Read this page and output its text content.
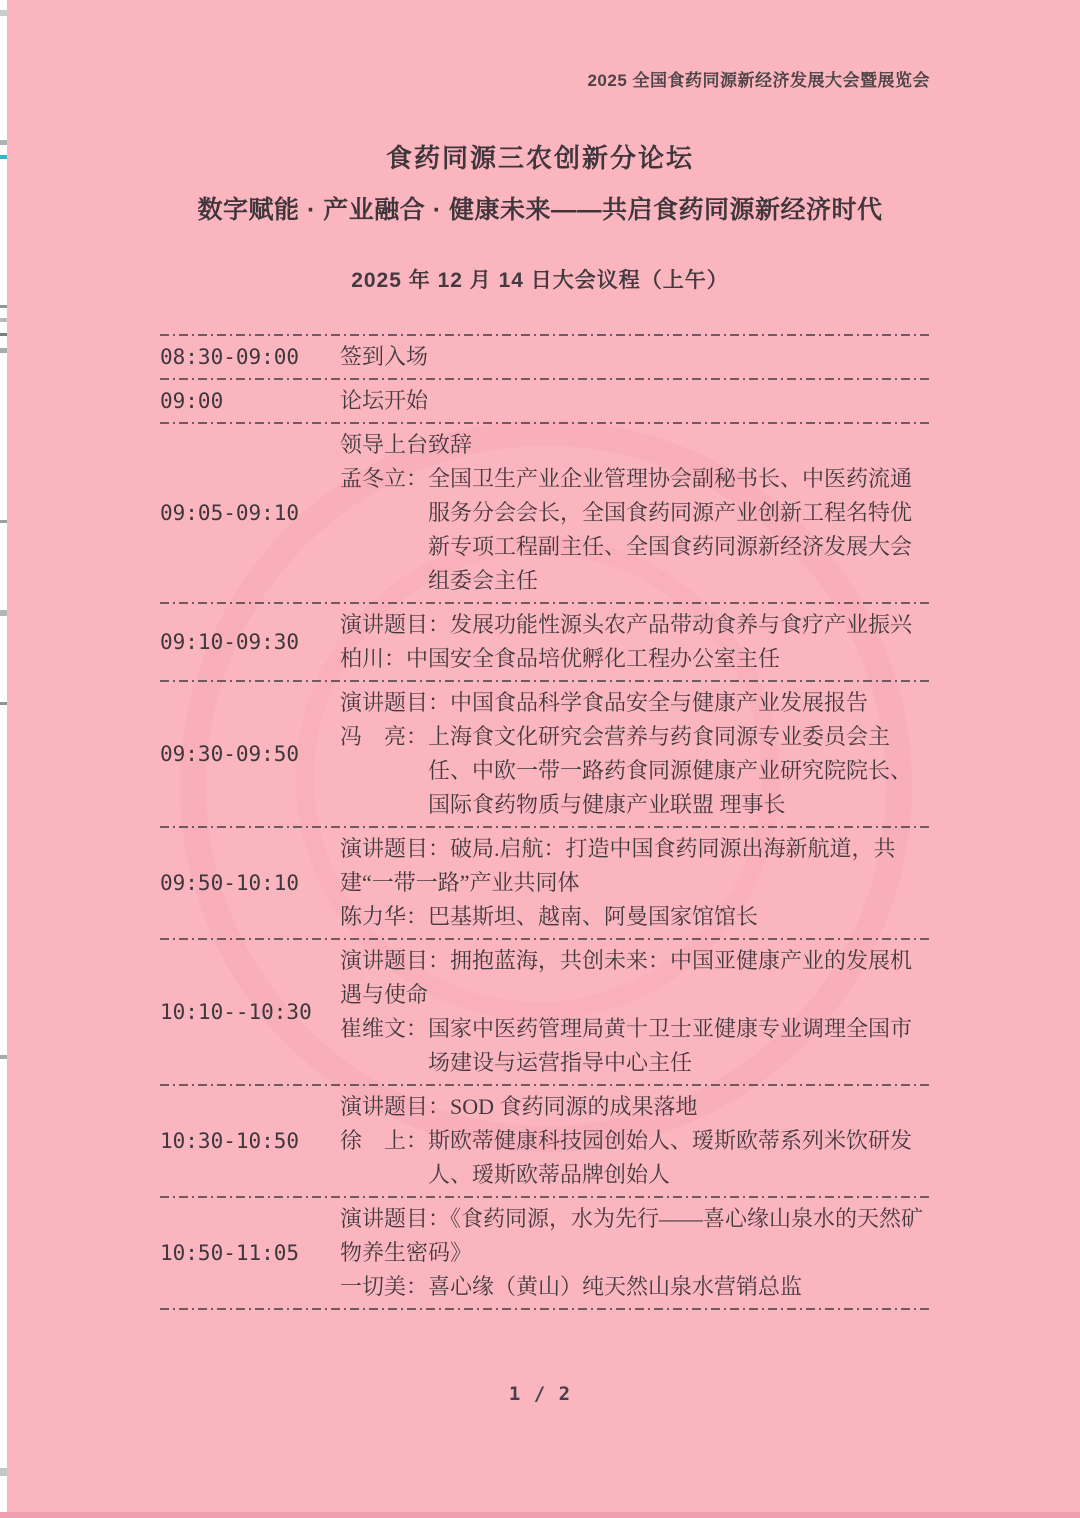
2025 全国食药同源新经济发展大会暨展览会
食药同源三农创新分论坛
数字赋能 · 产业融合 · 健康未来——共启食药同源新经济时代
2025 年 12 月 14 日大会议程（上午）
08:30-09:00	签到入场

09:00	论坛开始

09:05-09:10

领导上台致辞

孟冬立：全国卫生产业企业管理协会副秘书长、中医药流通服务分会会长，全国食药同源产业创新工程名特优新专项工程副主任、全国食药同源新经济发展大会组委会主任

09:10-09:30

演讲题目：发展功能性源头农产品带动食养与食疗产业振兴

柏川：中国安全食品培优孵化工程办公室主任

09:30-09:50

演讲题目：中国食品科学食品安全与健康产业发展报告

冯　亮：上海食文化研究会营养与药食同源专业委员会主任、中欧一带一路药食同源健康产业研究院院长、国际食药物质与健康产业联盟 理事长

09:50-10:10

演讲题目：破局.启航：打造中国食药同源出海新航道，共建“一带一路”产业共同体

陈力华：巴基斯坦、越南、阿曼国家馆馆长

10:10--10:30

演讲题目：拥抱蓝海，共创未来：中国亚健康产业的发展机遇与使命

崔维文：国家中医药管理局黄十卫士亚健康专业调理全国市场建设与运营指导中心主任

10:30-10:50

演讲题目：SOD 食药同源的成果落地

徐　上：斯欧蒂健康科技园创始人、瑷斯欧蒂系列米饮研发人、瑷斯欧蒂品牌创始人

10:50-11:05

演讲题目：《食药同源，水为先行——喜心缘山泉水的天然矿物养生密码》

一切美：喜心缘（黄山）纯天然山泉水营销总监

1 / 2
